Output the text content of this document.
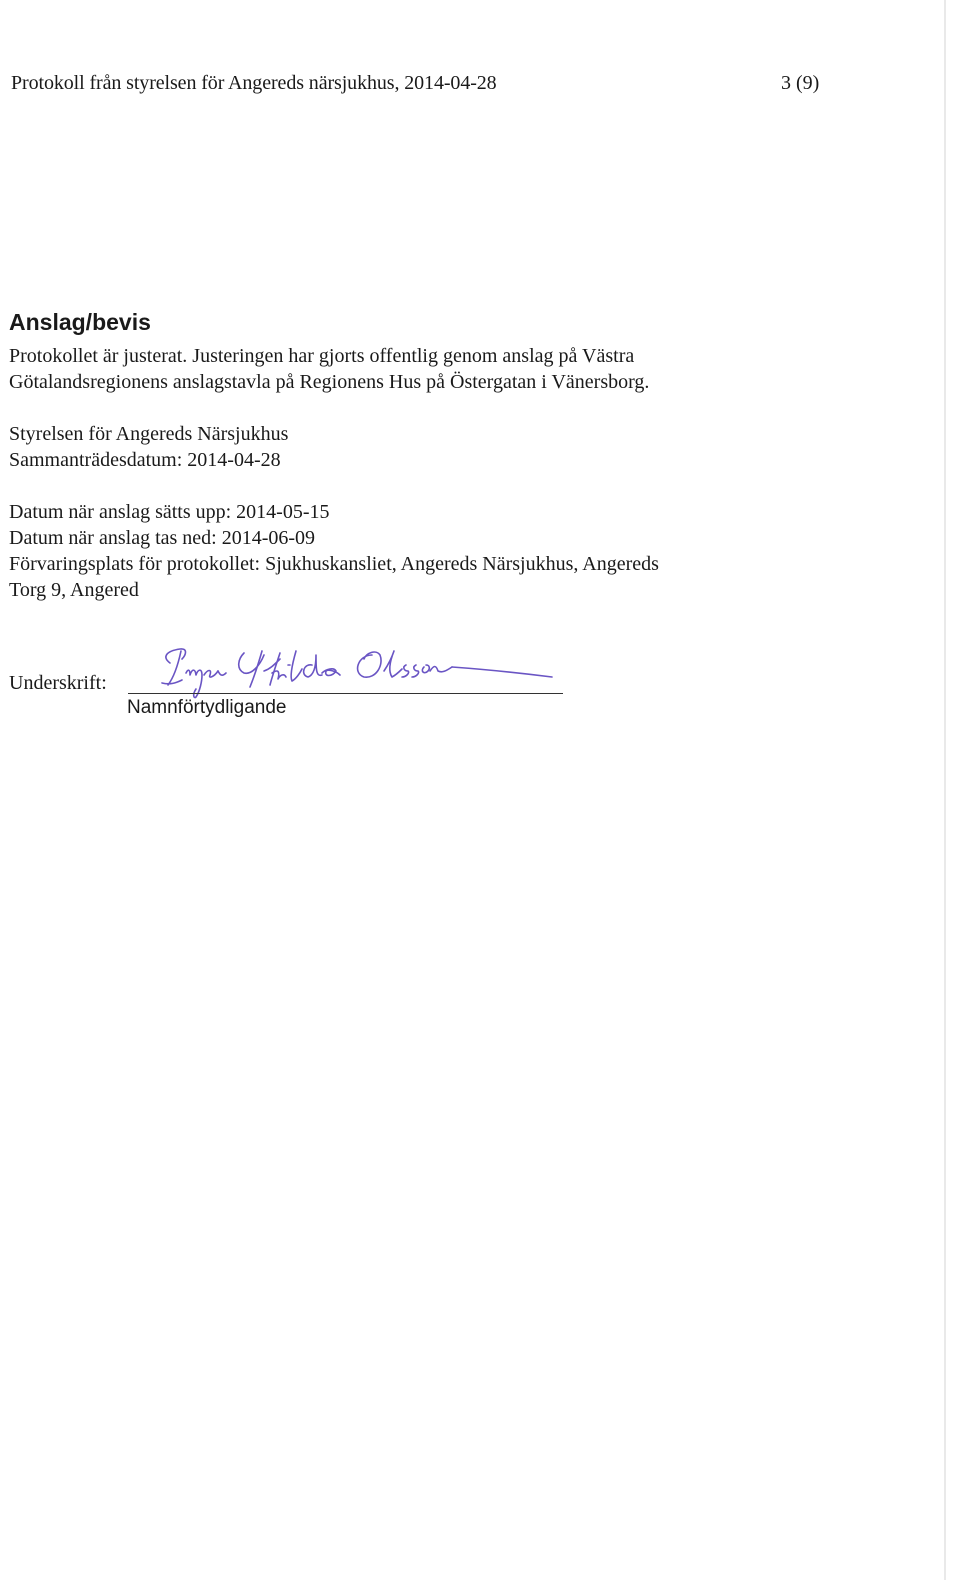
Protokoll från styrelsen för Angereds närsjukhus, 2014-04-28	3 (9)
Anslag/bevis
Protokollet är justerat. Justeringen har gjorts offentlig genom anslag på Västra
Götalandsregionens anslagstavla på Regionens Hus på Östergatan i Vänersborg.
Styrelsen för Angereds Närsjukhus
Sammanträdesdatum: 2014-04-28
Datum när anslag sätts upp: 2014-05-15
Datum när anslag tas ned: 2014-06-09
Förvaringsplats för protokollet: Sjukhuskansliet, Angereds Närsjukhus, Angereds
Torg 9, Angered
Underskrift:
Namnförtydligande
